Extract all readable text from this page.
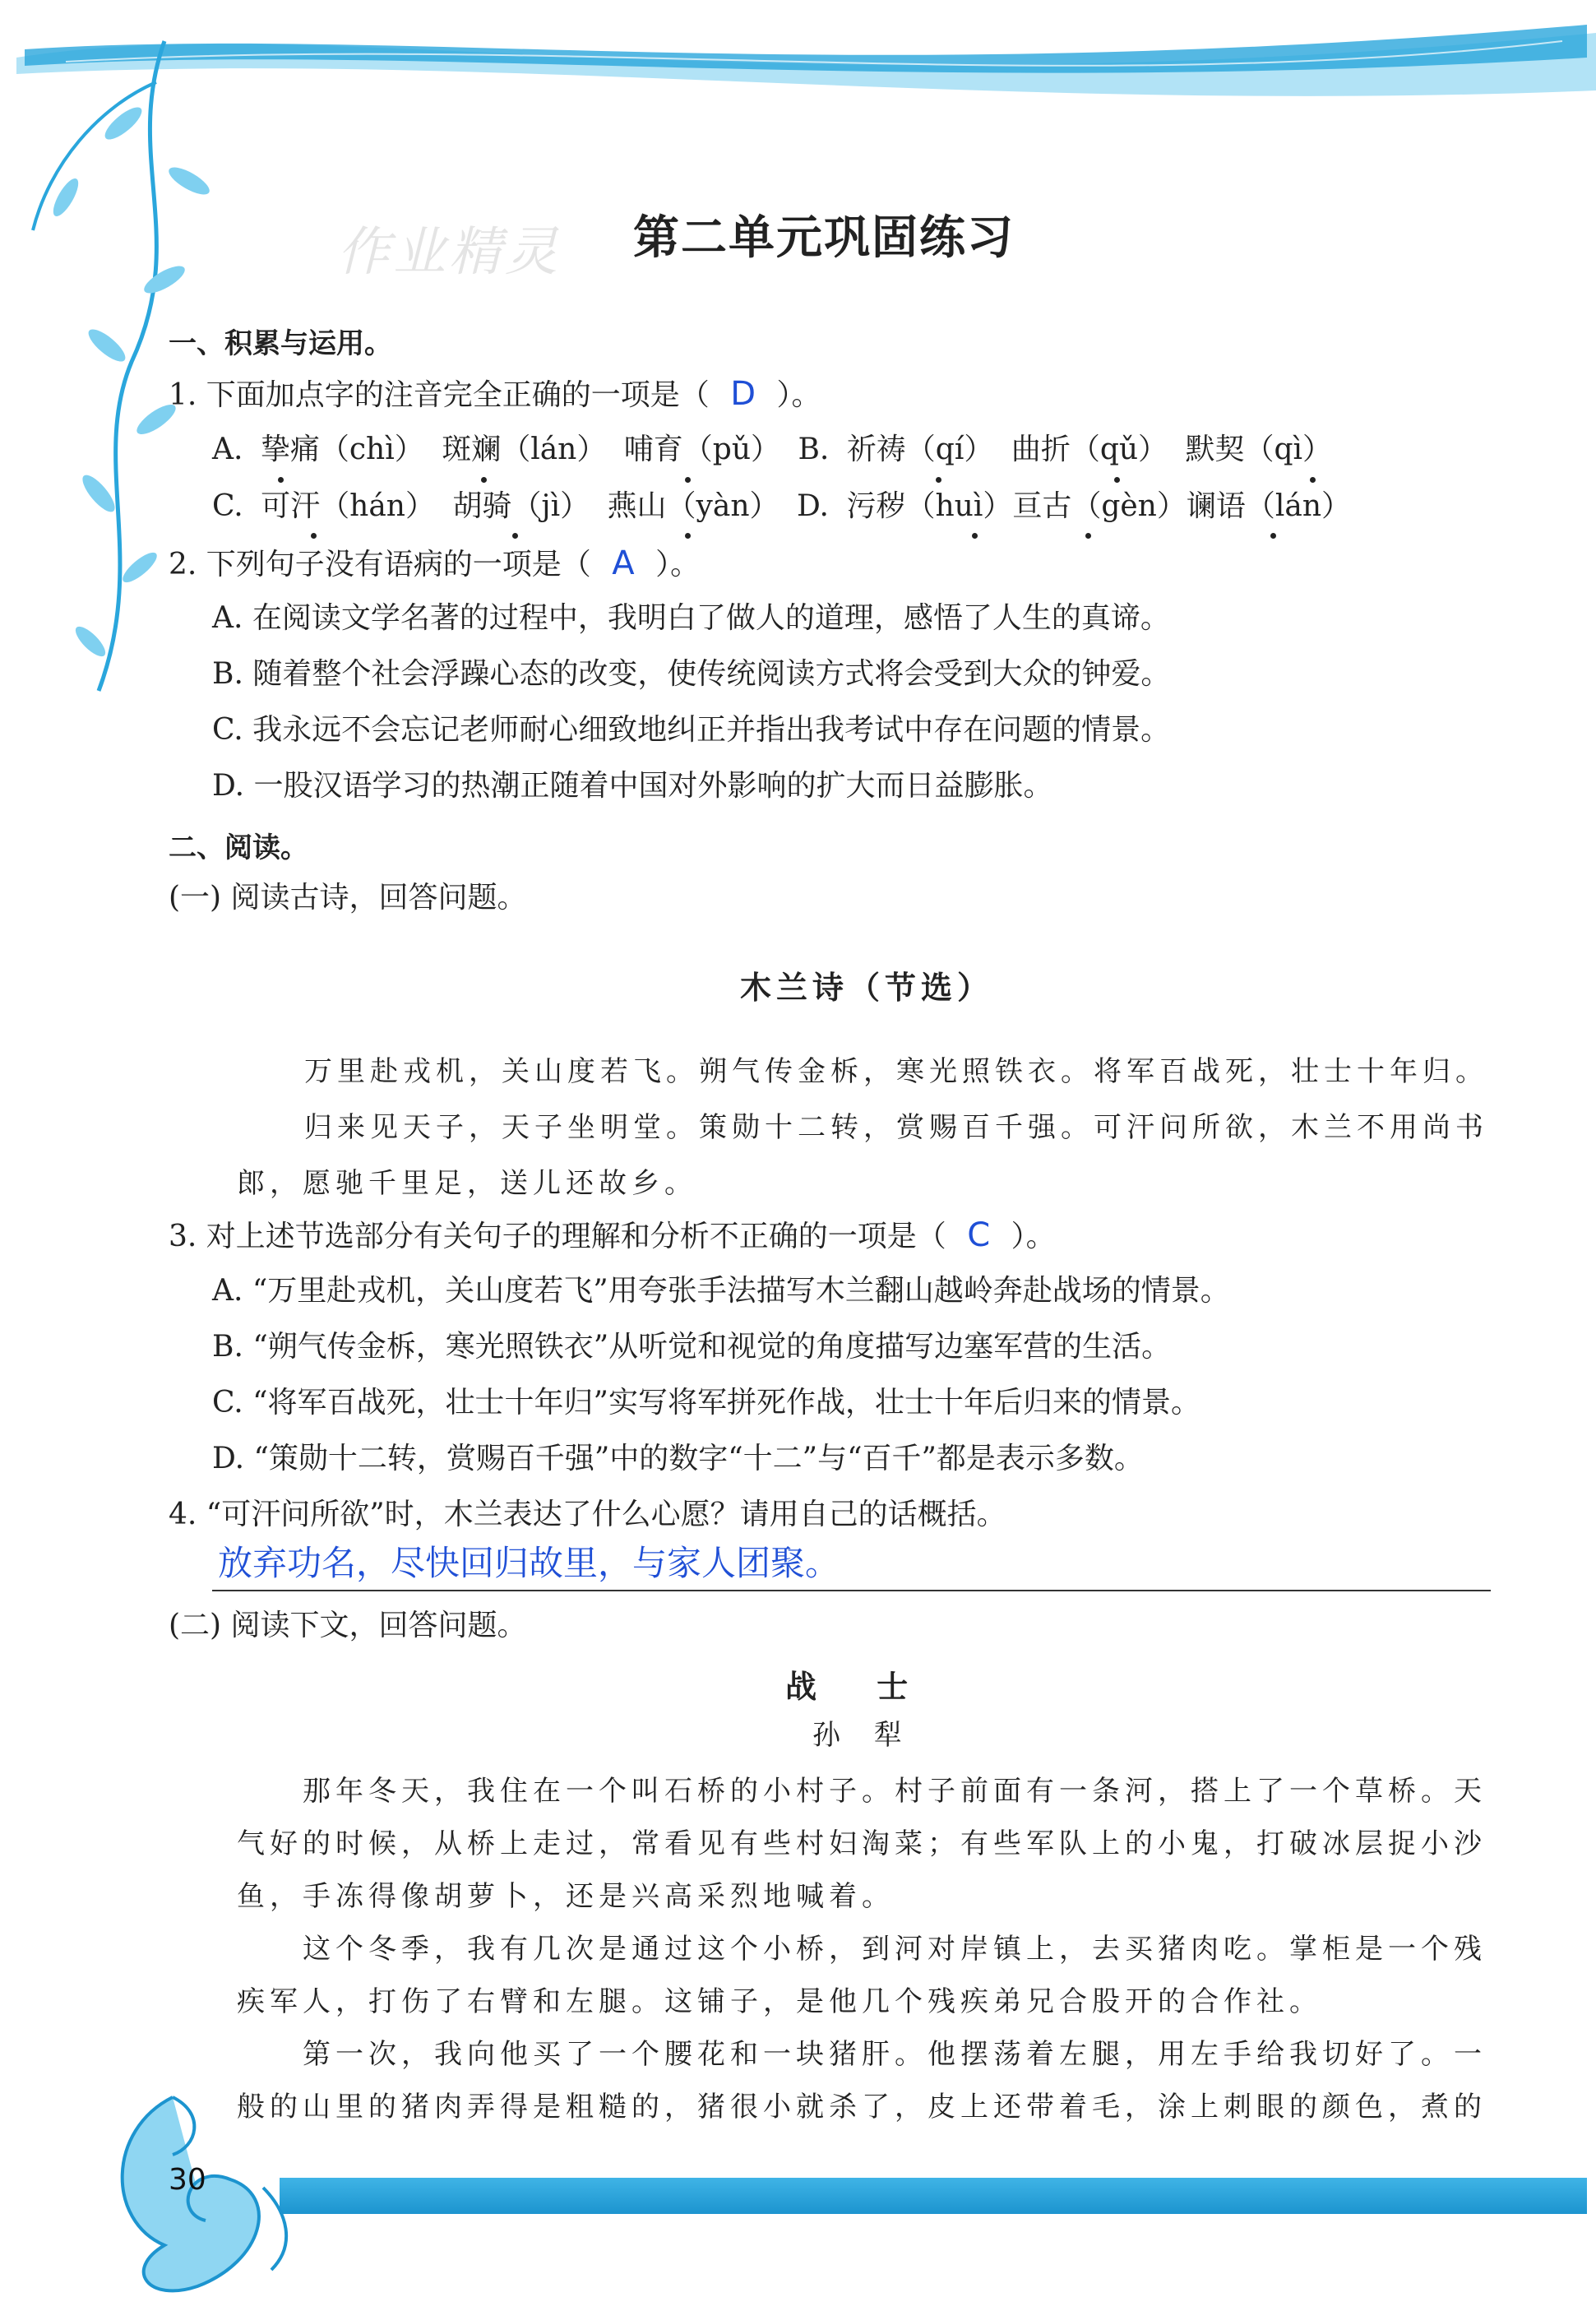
作业精灵 第二单元巩固练习
一、积累与运用。
1. 下面加点字的注音完全正确的一项是（ D ）。
A. 挚痛（chì） 斑斓（lán） 哺育（pǔ） B. 祈祷（qí） 曲折（qǔ） 默契（qì）
C. 可汗（hán） 胡骑（jì） 燕山（yàn） D. 污秽（huì）亘古（gèn）谰语（lán）
2. 下列句子没有语病的一项是（ A ）。
A. 在阅读文学名著的过程中，我明白了做人的道理，感悟了人生的真谛。
B. 随着整个社会浮躁心态的改变，使传统阅读方式将会受到大众的钟爱。
C. 我永远不会忘记老师耐心细致地纠正并指出我考试中存在问题的情景。
D. 一股汉语学习的热潮正随着中国对外影响的扩大而日益膨胀。
二、阅读。
(一) 阅读古诗，回答问题。
木兰诗（节选）
万里赴戎机，关山度若飞。朔气传金柝，寒光照铁衣。将军百战死，壮士十年归。
归来见天子，天子坐明堂。策勋十二转，赏赐百千强。可汗问所欲，木兰不用尚书
郎，愿驰千里足，送儿还故乡。
3. 对上述节选部分有关句子的理解和分析不正确的一项是（ C ）。
A. “万里赴戎机，关山度若飞”用夸张手法描写木兰翻山越岭奔赴战场的情景。
B. “朔气传金柝，寒光照铁衣”从听觉和视觉的角度描写边塞军营的生活。
C. “将军百战死，壮士十年归”实写将军拼死作战，壮士十年后归来的情景。
D. “策勋十二转，赏赐百千强”中的数字“十二”与“百千”都是表示多数。
4. “可汗问所欲”时，木兰表达了什么心愿？请用自己的话概括。
放弃功名，尽快回归故里，与家人团聚。
(二) 阅读下文，回答问题。
战 士
孙 犁
那年冬天，我住在一个叫石桥的小村子。村子前面有一条河，搭上了一个草桥。天
气好的时候，从桥上走过，常看见有些村妇淘菜；有些军队上的小鬼，打破冰层捉小沙
鱼，手冻得像胡萝卜，还是兴高采烈地喊着。
这个冬季，我有几次是通过这个小桥，到河对岸镇上，去买猪肉吃。掌柜是一个残
疾军人，打伤了右臂和左腿。这铺子，是他几个残疾弟兄合股开的合作社。
第一次，我向他买了一个腰花和一块猪肝。他摆荡着左腿，用左手给我切好了。一
般的山里的猪肉弄得是粗糙的，猪很小就杀了，皮上还带着毛，涂上刺眼的颜色，煮的
30
